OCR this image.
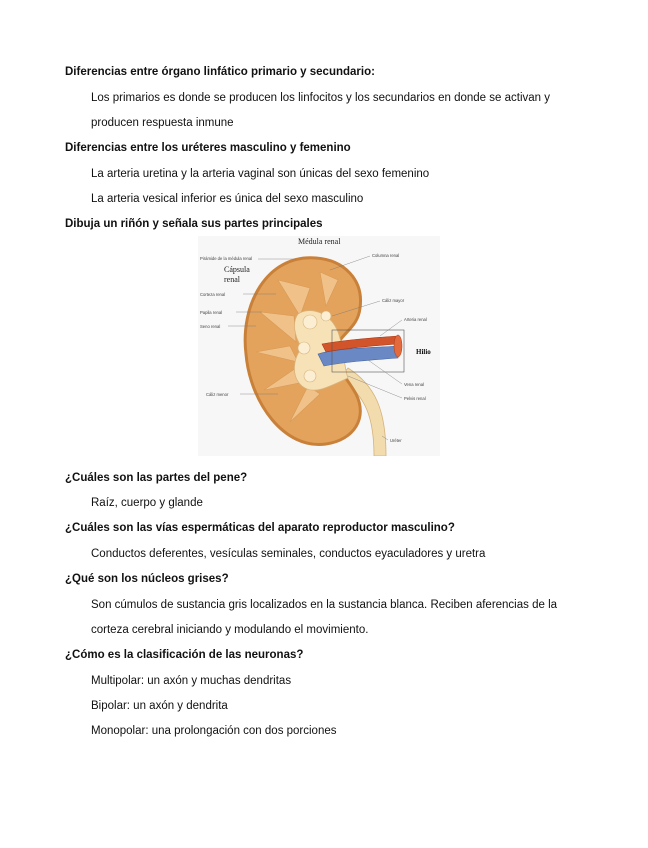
Diferencias entre órgano linfático primario y secundario:
Los primarios es donde se producen los linfocitos y los secundarios en donde se activan y
producen respuesta inmune
Diferencias entre los uréteres masculino y femenino
La arteria uretina y la arteria vaginal son únicas del sexo femenino
La arteria vesical inferior es única del sexo masculino
Dibuja un riñón y señala sus partes principales
Médula renal
Pirámide de la médula renal
Cápsula
renal
Corteza renal
Papila renal
Seno renal
Cáliz menor
Columna renal
Cáliz mayor
Arteria renal
Hilio
Vena renal
Pelvis renal
Uréter
¿Cuáles son las partes del pene?
Raíz, cuerpo y glande
¿Cuáles son las vías espermáticas del aparato reproductor masculino?
Conductos deferentes, vesículas seminales, conductos eyaculadores y uretra
¿Qué son los núcleos grises?
Son cúmulos de sustancia gris localizados en la sustancia blanca. Reciben aferencias de la
corteza cerebral iniciando y modulando el movimiento.
¿Cómo es la clasificación de las neuronas?
Multipolar: un axón y muchas dendritas
Bipolar: un axón y dendrita
Monopolar: una prolongación con dos porciones
